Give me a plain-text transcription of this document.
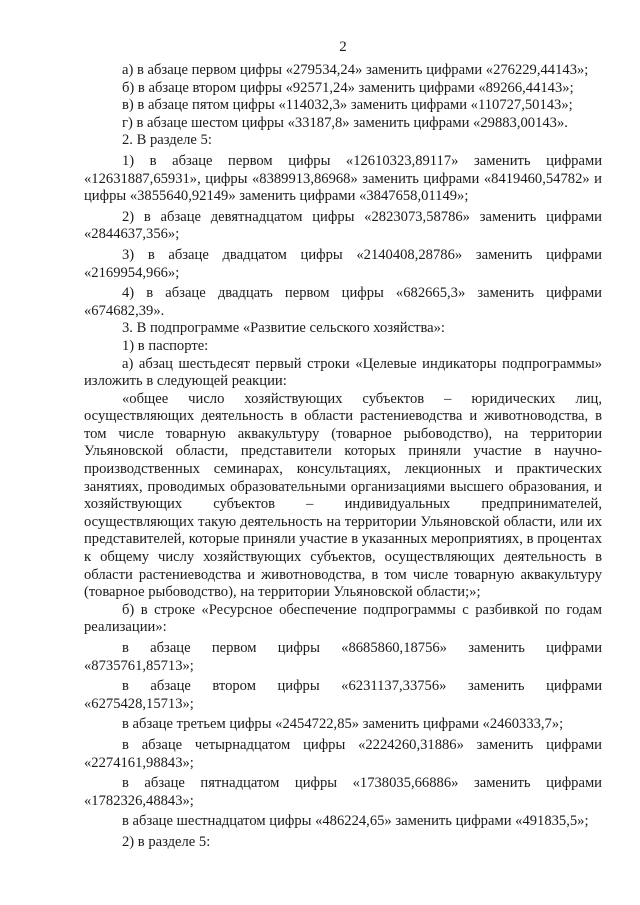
2

а) в абзаце первом цифры «279534,24» заменить цифрами «276229,44143»;

б) в абзаце втором цифры «92571,24» заменить цифрами «89266,44143»;

в) в абзаце пятом цифры «114032,3» заменить цифрами «110727,50143»;

г) в абзаце шестом цифры «33187,8» заменить цифрами «29883,00143».

2. В разделе 5:

1) в абзаце первом цифры «12610323,89117» заменить цифрами «12631887,65931», цифры «8389913,86968» заменить цифрами «8419460,54782» и цифры «3855640,92149» заменить цифрами «3847658,01149»;

2) в абзаце девятнадцатом цифры «2823073,58786» заменить цифрами «2844637,356»;

3) в абзаце двадцатом цифры «2140408,28786» заменить цифрами «2169954,966»;

4) в абзаце двадцать первом цифры «682665,3» заменить цифрами «674682,39».

3. В подпрограмме «Развитие сельского хозяйства»:

1) в паспорте:

а) абзац шестьдесят первый строки «Целевые индикаторы подпрограммы» изложить в следующей реакции:

«общее число хозяйствующих субъектов – юридических лиц, осуществляющих деятельность в области растениеводства и животноводства, в том числе товарную аквакультуру (товарное рыбоводство), на территории Ульяновской области, представители которых приняли участие в научно-производственных семинарах, консультациях, лекционных и практических занятиях, проводимых образовательными организациями высшего образования, и хозяйствующих субъектов – индивидуальных предпринимателей, осуществляющих такую деятельность на территории Ульяновской области, или их представителей, которые приняли участие в указанных мероприятиях, в процентах к общему числу хозяйствующих субъектов, осуществляющих деятельность в области растениеводства и животноводства, в том числе товарную аквакультуру (товарное рыбоводство), на территории Ульяновской области;»;

б) в строке «Ресурсное обеспечение подпрограммы с разбивкой по годам реализации»:

в абзаце первом цифры «8685860,18756» заменить цифрами «8735761,85713»;

в абзаце втором цифры «6231137,33756» заменить цифрами «6275428,15713»;

в абзаце третьем цифры «2454722,85» заменить цифрами «2460333,7»;

в абзаце четырнадцатом цифры «2224260,31886» заменить цифрами «2274161,98843»;

в абзаце пятнадцатом цифры «1738035,66886» заменить цифрами «1782326,48843»;

в абзаце шестнадцатом цифры «486224,65» заменить цифрами «491835,5»;

2) в разделе 5:
